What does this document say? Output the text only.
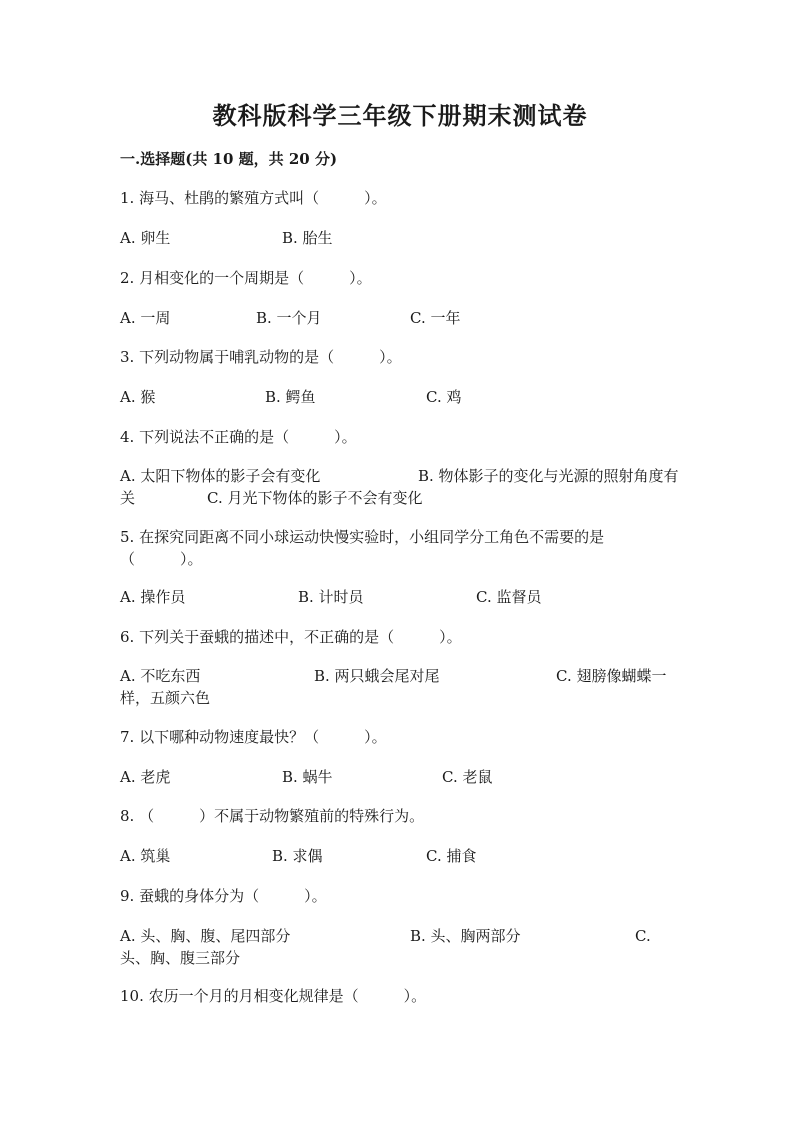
教科版科学三年级下册期末测试卷
一.选择题(共 10 题，共 20 分)

1. 海马、杜鹃的繁殖方式叫（　　　）。

A. 卵生	B. 胎生

2. 月相变化的一个周期是（　　　）。

A. 一周	B. 一个月	C. 一年

3. 下列动物属于哺乳动物的是（　　　）。

A. 猴	B. 鳄鱼	C. 鸡

4. 下列说法不正确的是（　　　）。

A. 太阳下物体的影子会有变化	B. 物体影子的变化与光源的照射角度有关	C. 月光下物体的影子不会有变化

5. 在探究同距离不同小球运动快慢实验时，小组同学分工角色不需要的是（　　　）。

A. 操作员	B. 计时员	C. 监督员

6. 下列关于蚕蛾的描述中，不正确的是（　　　）。

A. 不吃东西	B. 两只蛾会尾对尾	C. 翅膀像蝴蝶一样，五颜六色

7. 以下哪种动物速度最快？（　　　）。

A. 老虎	B. 蜗牛	C. 老鼠

8. （　　　）不属于动物繁殖前的特殊行为。

A. 筑巢	B. 求偶	C. 捕食

9. 蚕蛾的身体分为（　　　）。

A. 头、胸、腹、尾四部分	B. 头、胸两部分	C. 头、胸、腹三部分

10. 农历一个月的月相变化规律是（　　　）。
